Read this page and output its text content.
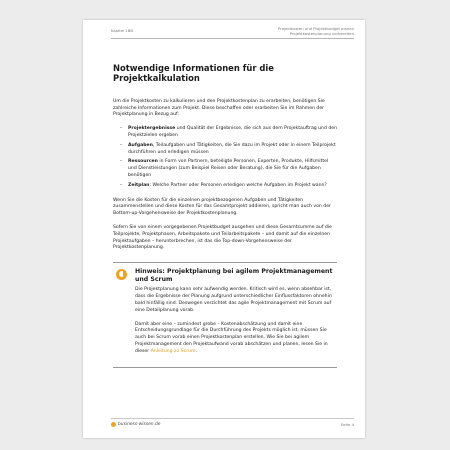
Kapitel 1BB	Projektkosten und Projektbudget planen
Projektkostenplanung vorbereiten
Notwendige Informationen für die Projektkalkulation

Um die Projektkosten zu kalkulieren und den Projektkostenplan zu erarbeiten, benötigen Sie zahlreiche Informationen zum Projekt. Diese beschaffen oder erarbeiten Sie im Rahmen der Projektplanung in Bezug auf:

– Projektergebnisse und Qualität der Ergebnisse, die sich aus dem Projektauftrag und den Projektzielen ergeben
– Aufgaben, Teilaufgaben und Tätigkeiten, die Sie dazu im Projekt oder in einem Teilprojekt durchführen und erledigen müssen
– Ressourcen in Form von Partnern, beteiligte Personen, Experten, Produkte, Hilfsmittel und Dienstleistungen (zum Beispiel Reisen oder Beratung), die Sie für die Aufgaben benötigen
– Zeitplan: Welche Partner oder Personen erledigen welche Aufgaben im Projekt wann?

Wenn Sie die Kosten für die einzelnen projektbezogenen Aufgaben und Tätigkeiten zusammenstellen und diese Kosten für das Gesamtprojekt addieren, spricht man auch von der Bottom-up-Vorgehensweise der Projektkostenplanung.

Sofern Sie von einem vorgegebenen Projektbudget ausgehen und diese Gesamtsumme auf die Teilprojekte, Projektphasen, Arbeitspakete und Teilarbeitspakete – und damit auf die einzelnen Projektaufgaben – herunterbrechen, ist das die Top-down-Vorgehensweise der Projektkostenplanung.

Hinweis: Projektplanung bei agilem Projektmanagement und Scrum

Die Projektplanung kann sehr aufwendig werden. Kritisch wird es, wenn absehbar ist, dass die Ergebnisse der Planung aufgrund unterschiedlicher Einflussfaktoren ohnehin bald hinfällig sind. Deswegen verzichtet das agile Projektmanagement mit Scrum auf eine Detailplanung vorab.

Damit aber eine – zumindest grobe – Kostenabschätzung und damit eine Entscheidungsgrundlage für die Durchführung des Projekts möglich ist, müssen Sie auch bei Scrum vorab einen Projektkostenplan erstellen. Wie Sie bei agilem Projektmanagement den Projektaufwand vorab abschätzen und planen, lesen Sie in dieser Anleitung zu Scrum.

business-wissen.de	Seite 4
